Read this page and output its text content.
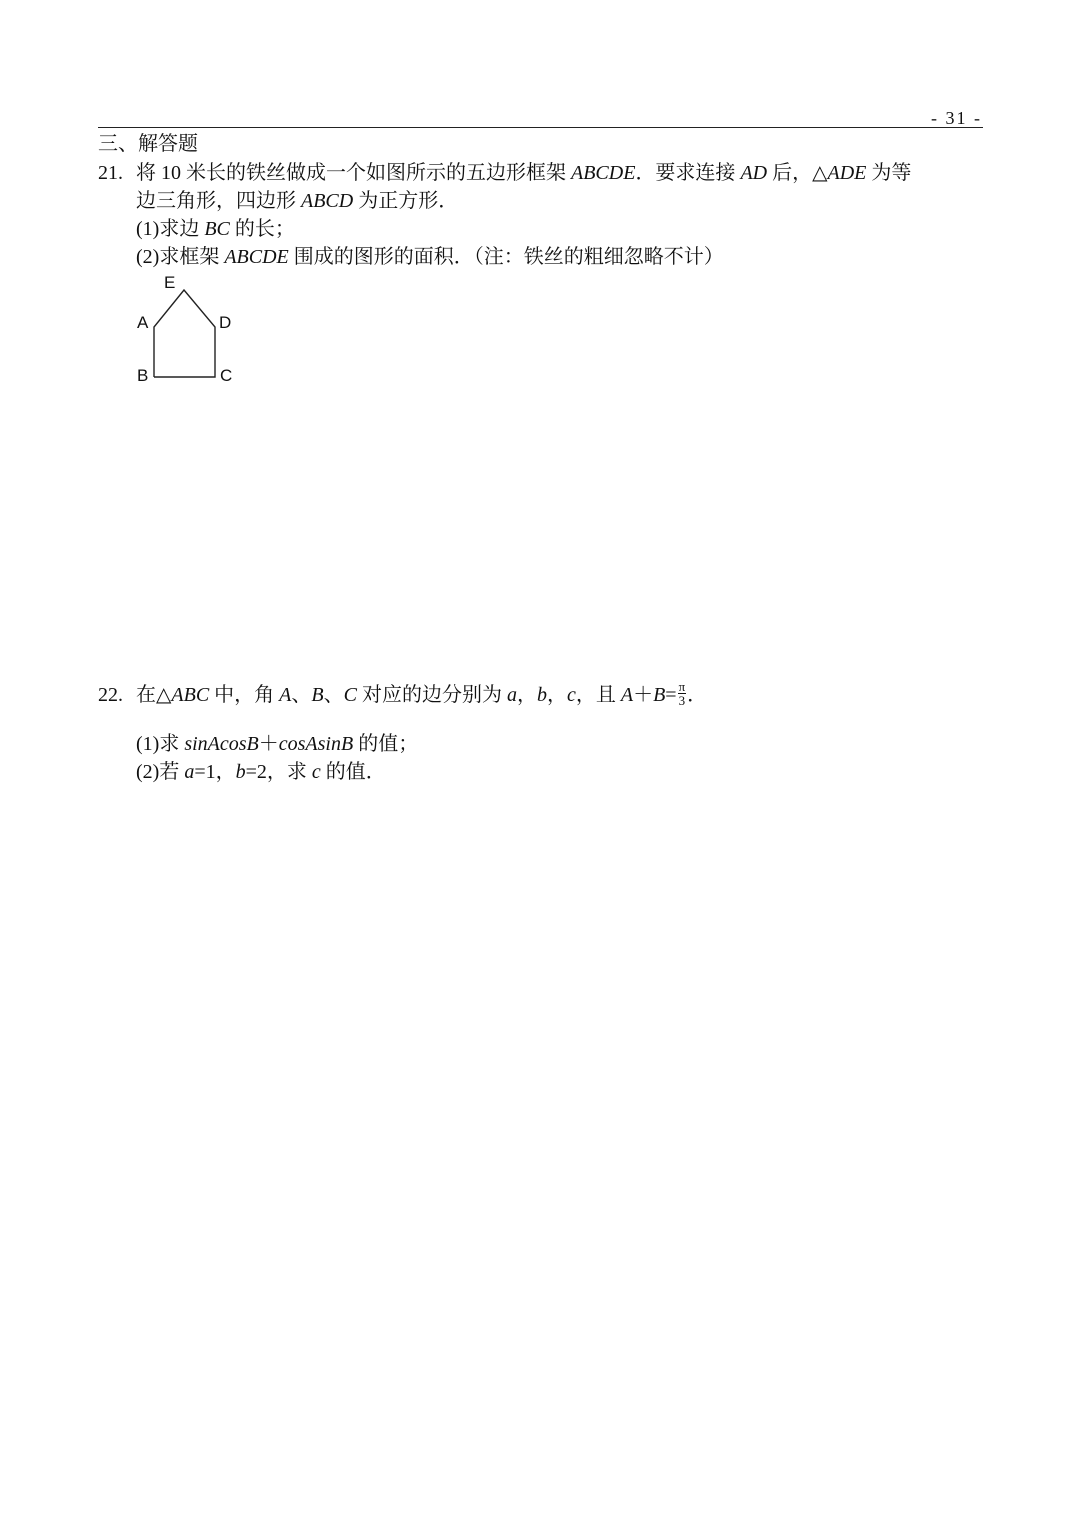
- 31 -
三、解答题
21. 将 10 米长的铁丝做成一个如图所示的五边形框架 ABCDE．要求连接 AD 后，△ADE 为等
边三角形，四边形 ABCD 为正方形．
(1)求边 BC 的长；
(2)求框架 ABCDE 围成的图形的面积．（注：铁丝的粗细忽略不计）
E
A	D
B	C
22. 在△ABC 中，角 A、B、C 对应的边分别为 a，b，c，且 $A+B= \frac{\pi}{3}$ ．
(1)求 sinAcosB＋cosAsinB 的值；
(2)若 a=1，b=2，求 c 的值．
